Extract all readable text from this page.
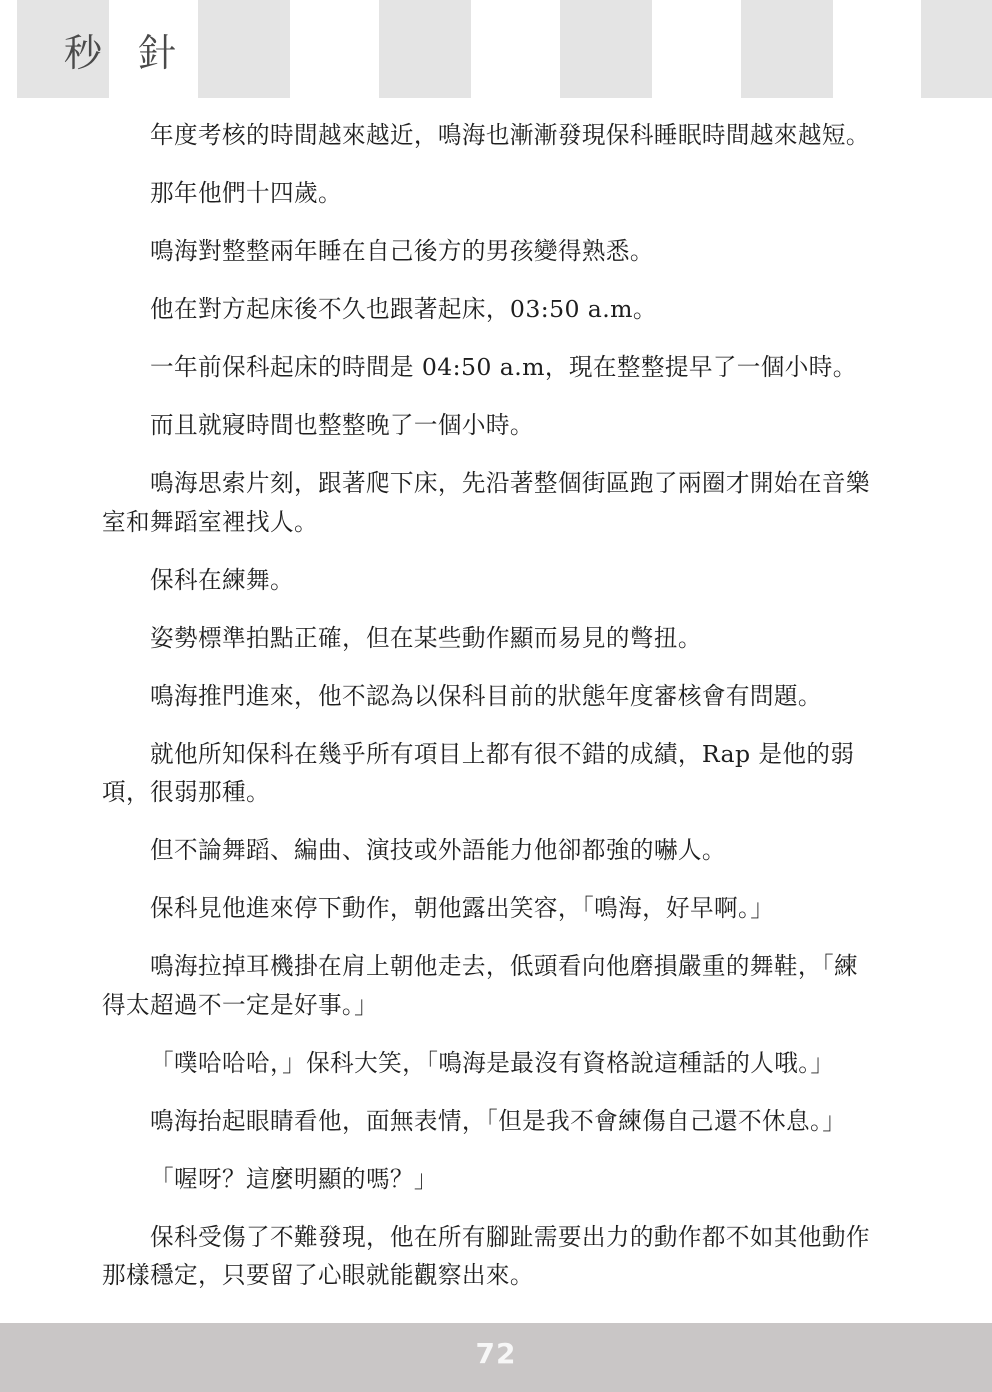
秒 針

年度考核的時間越來越近，鳴海也漸漸發現保科睡眠時間越來越短。

那年他們十四歲。

鳴海對整整兩年睡在自己後方的男孩變得熟悉。

他在對方起床後不久也跟著起床，03:50 a.m。

一年前保科起床的時間是 04:50 a.m，現在整整提早了一個小時。

而且就寢時間也整整晚了一個小時。

鳴海思索片刻，跟著爬下床，先沿著整個街區跑了兩圈才開始在音樂室和舞蹈室裡找人。

保科在練舞。

姿勢標準拍點正確，但在某些動作顯而易見的彆扭。

鳴海推門進來，他不認為以保科目前的狀態年度審核會有問題。

就他所知保科在幾乎所有項目上都有很不錯的成績，Rap 是他的弱項，很弱那種。

但不論舞蹈、編曲、演技或外語能力他卻都強的嚇人。

保科見他進來停下動作，朝他露出笑容，「鳴海，好早啊。」

鳴海拉掉耳機掛在肩上朝他走去，低頭看向他磨損嚴重的舞鞋，「練得太超過不一定是好事。」

「噗哈哈哈，」保科大笑，「鳴海是最沒有資格說這種話的人哦。」

鳴海抬起眼睛看他，面無表情，「但是我不會練傷自己還不休息。」

「喔呀？這麼明顯的嗎？」

保科受傷了不難發現，他在所有腳趾需要出力的動作都不如其他動作那樣穩定，只要留了心眼就能觀察出來。

72
